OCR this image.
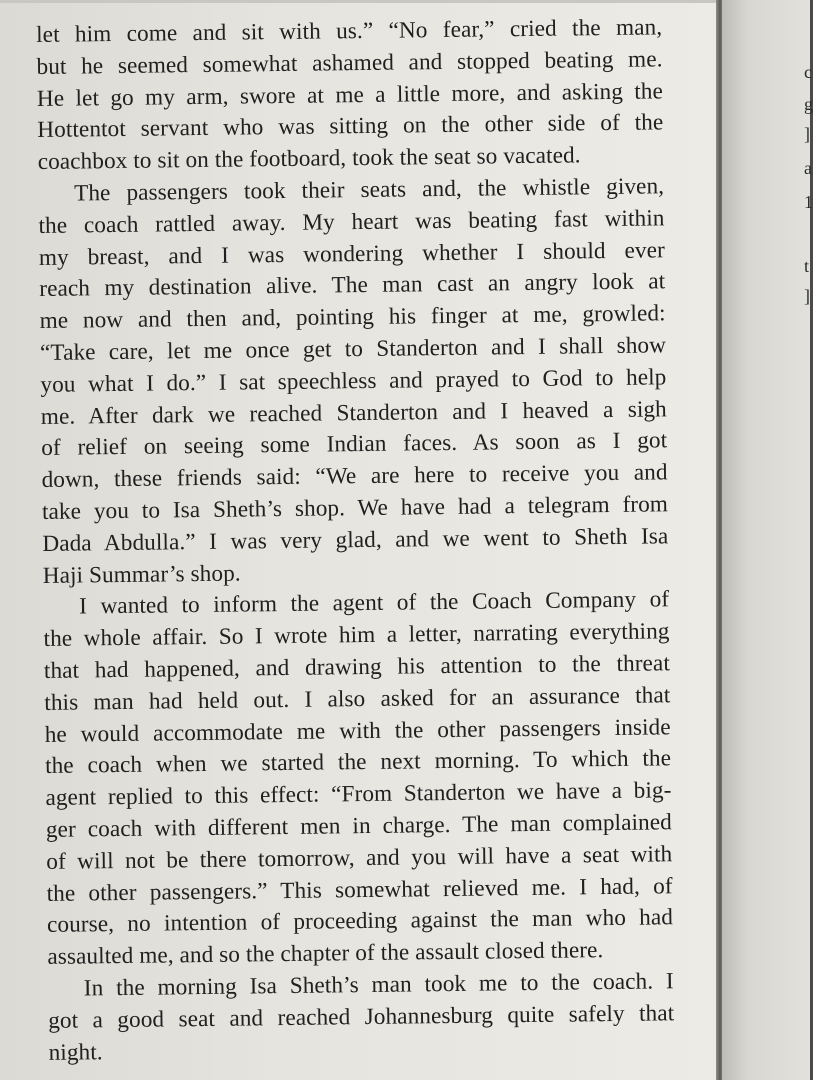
let him come and sit with us.” “No fear,” cried the man,
but he seemed somewhat ashamed and stopped beating me.
He let go my arm, swore at me a little more, and asking the
Hottentot servant who was sitting on the other side of the
coachbox to sit on the footboard, took the seat so vacated.
The passengers took their seats and, the whistle given,
the coach rattled away. My heart was beating fast within
my breast, and I was wondering whether I should ever
reach my destination alive. The man cast an angry look at
me now and then and, pointing his finger at me, growled:
“Take care, let me once get to Standerton and I shall show
you what I do.” I sat speechless and prayed to God to help
me. After dark we reached Standerton and I heaved a sigh
of relief on seeing some Indian faces. As soon as I got
down, these friends said: “We are here to receive you and
take you to Isa Sheth’s shop. We have had a telegram from
Dada Abdulla.” I was very glad, and we went to Sheth Isa
Haji Summar’s shop.
I wanted to inform the agent of the Coach Company of
the whole affair. So I wrote him a letter, narrating everything
that had happened, and drawing his attention to the threat
this man had held out. I also asked for an assurance that
he would accommodate me with the other passengers inside
the coach when we started the next morning. To which the
agent replied to this effect: “From Standerton we have a big-
ger coach with different men in charge. The man complained
of will not be there tomorrow, and you will have a seat with
the other passengers.” This somewhat relieved me. I had, of
course, no intention of proceeding against the man who had
assaulted me, and so the chapter of the assault closed there.
In the morning Isa Sheth’s man took me to the coach. I
got a good seat and reached Johannesburg quite safely that
night.
c
g
]
a
1
t
]
